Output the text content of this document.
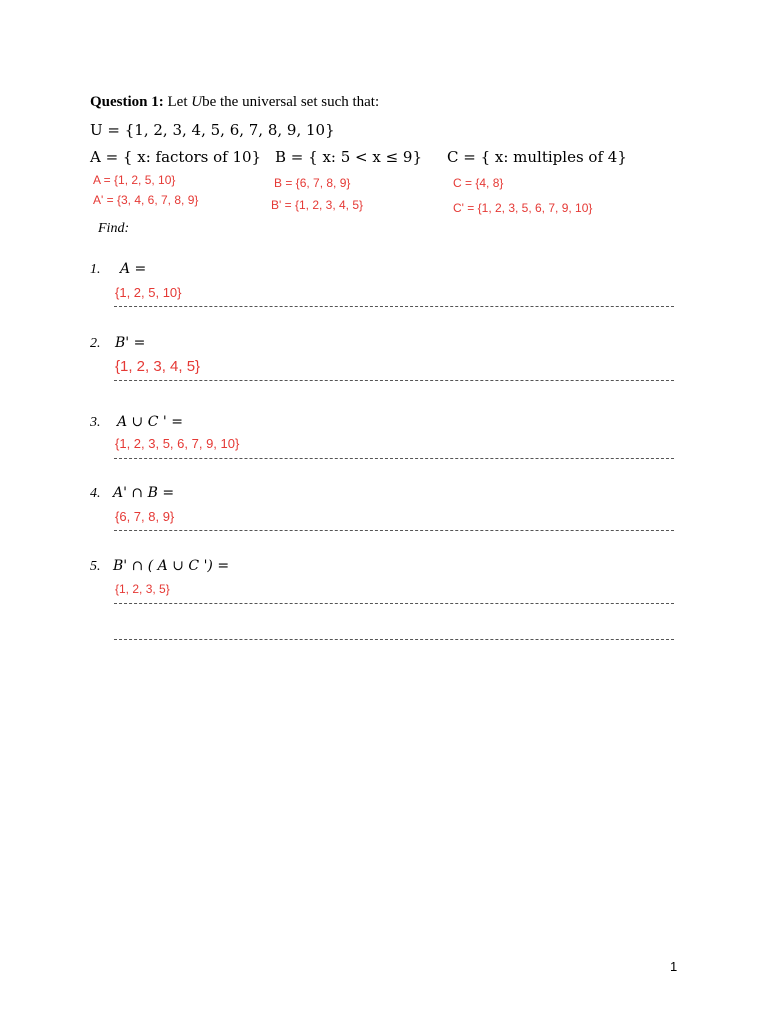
Question 1: Let Ube the universal set such that:
U = {1, 2, 3, 4, 5, 6, 7, 8, 9, 10}
A = { x: factors of 10} B = { x: 5 < x ≤ 9} C = { x: multiples of 4}
A = {1, 2, 5, 10}
A' = {3, 4, 6, 7, 8, 9}
B = {6, 7, 8, 9}
B' = {1, 2, 3, 4, 5}
C = {4, 8}
C' = {1, 2, 3, 5, 6, 7, 9, 10}
Find:
1. A =
{1, 2, 5, 10}
2. B' =
{1, 2, 3, 4, 5}
3. A ∪ C ' =
{1, 2, 3, 5, 6, 7, 9, 10}
4. A' ∩ B =
{6, 7, 8, 9}
5. B' ∩ ( A ∪ C ') =
{1, 2, 3, 5}
1
